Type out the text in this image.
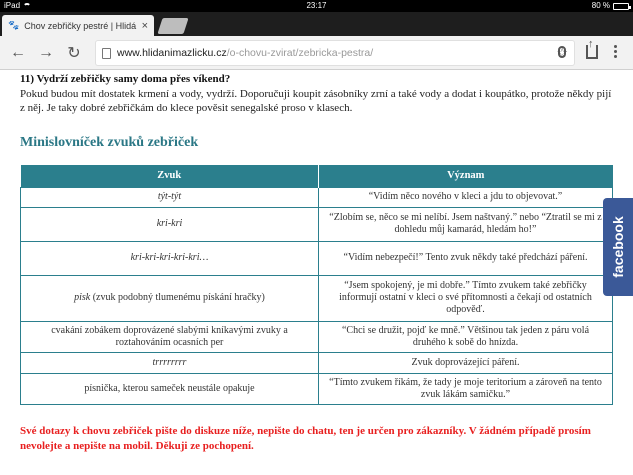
iPad	23:17	80 %
🐾 Chov zebřičky pestré | Hlidá ×
← → ↻	www.hlidanimazlicku.cz/o-chovu-zvirat/zebricka-pestra/	☆
↑
11) Vydrží zebřičky samy doma přes víkend?

Pokud budou mít dostatek krmení a vody, vydrží. Doporučuji koupit zásobníky zrní a také vody a dodat i koupátko, protože někdy pijí z něj. Je taky dobré zebřičkám do klece pověsit senegalské proso v klasech.

Minislovníček zvuků zebřiček
Zvuk	Význam
týt-týt	“Vidím něco nového v kleci a jdu to objevovat.”
kri-kri	“Zlobím se, něco se mi nelíbí. Jsem naštvaný.” nebo “Ztratil se mi z dohledu můj kamarád, hledám ho!”
kri-kri-kri-kri-kri…	“Vidím nebezpečí!” Tento zvuk někdy také předchází páření.
pisk (zvuk podobný tlumenému pískání hračky)	“Jsem spokojený, je mi dobře.” Tímto zvukem také zebřičky informují ostatní v kleci o své přítomnosti a čekají od ostatních odpověď.
cvakání zobákem doprovázené slabými kníkavými zvuky a roztahováním ocasních per	“Chci se družit, pojď ke mně.” Většinou tak jeden z páru volá druhého k sobě do hnízda.
trrrrrrrr	Zvuk doprovázející páření.
písnička, kterou sameček neustále opakuje	“Tímto zvukem říkám, že tady je moje teritorium a zároveň na tento zvuk lákám samičku.”

Své dotazy k chovu zebřiček pište do diskuze níže, nepište do chatu, ten je určen pro zákazníky. V žádném případě prosím nevolejte a nepište na mobil. Děkuji ze pochopení.

facebook
